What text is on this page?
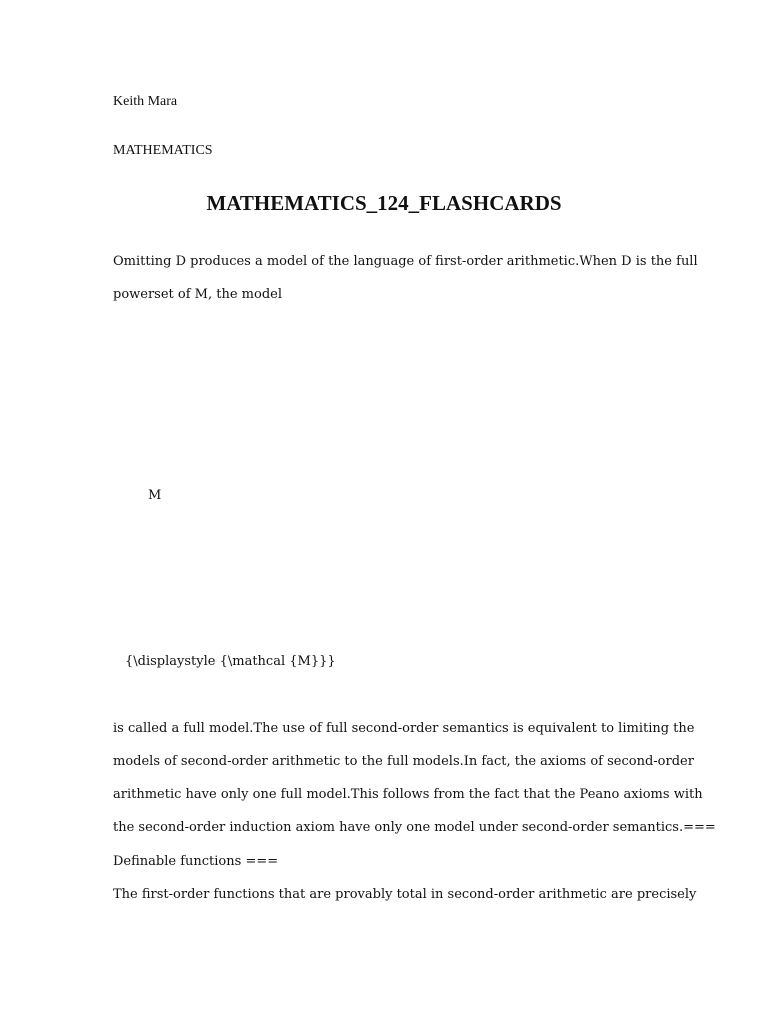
Keith Mara
MATHEMATICS
MATHEMATICS_124_FLASHCARDS
Omitting D produces a model of the language of first-order arithmetic.When D is the full
powerset of M, the model
M
{\displaystyle {\mathcal {M}}}
is called a full model.The use of full second-order semantics is equivalent to limiting the
models of second-order arithmetic to the full models.In fact, the axioms of second-order
arithmetic have only one full model.This follows from the fact that the Peano axioms with
the second-order induction axiom have only one model under second-order semantics.===
Definable functions ===
The first-order functions that are provably total in second-order arithmetic are precisely
